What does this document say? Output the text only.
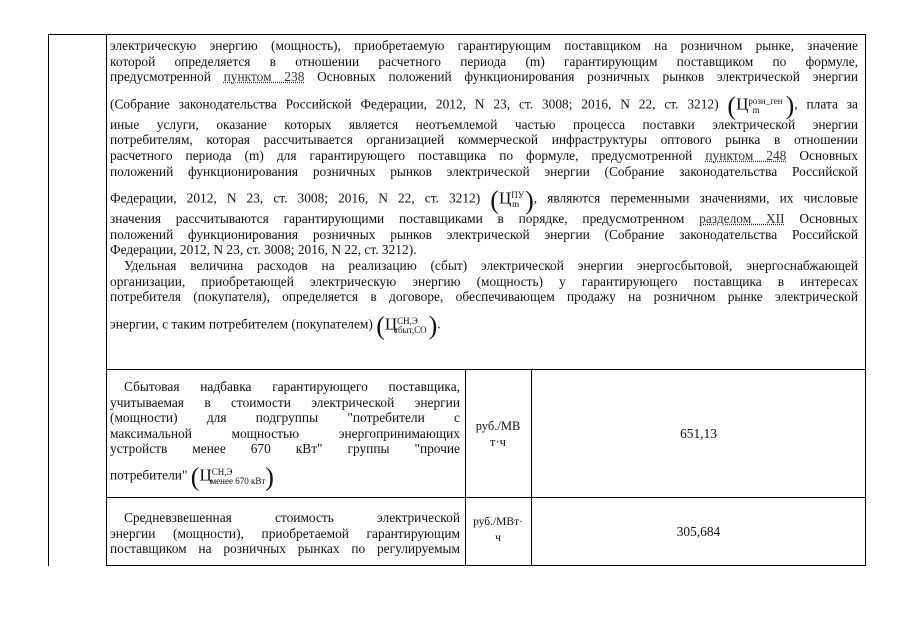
электрическую энергию (мощность), приобретаемую гарантирующим поставщиком на розничном рынке, значение
которой определяется в отношении расчетного периода (m) гарантирующим поставщиком по формуле,
предусмотренной пунктом 238 Основных положений функционирования розничных рынков электрической энергии
(Собрание законодательства Российской Федерации, 2012, N 23, ст. 3008; 2016, N 22, ст. 3212) ($Ц^{розн\_ген}_m$ ), плата за
иные услуги, оказание которых является неотъемлемой частью процесса поставки электрической энергии
потребителям, которая рассчитывается организацией коммерческой инфраструктуры оптового рынка в отношении
расчетного периода (m) для гарантирующего поставщика по формуле, предусмотренной пунктом 248 Основных
положений функционирования розничных рынков электрической энергии (Собрание законодательства Российской
Федерации, 2012, N 23, ст. 3008; 2016, N 22, ст. 3212) ($Ц^{ПУ}_m$ ), являются переменными значениями, их числовые
значения рассчитываются гарантирующими поставщиками в порядке, предусмотренном разделом XII Основных
положений функционирования розничных рынков электрической энергии (Собрание законодательства Российской
Федерации, 2012, N 23, ст. 3008; 2016, N 22, ст. 3212).
Удельная величина расходов на реализацию (сбыт) электрической энергии энергосбытовой, энергоснабжающей
организации, приобретающей электрическую энергию (мощность) у гарантирующего поставщика в интересах
потребителя (покупателя), определяется в договоре, обеспечивающем продажу на розничном рынке электрической
энергии, с таким потребителем (покупателем) $(Ц^{СН,Э}_{сбыт,СО})$.
Сбытовая надбавка гарантирующего поставщика,
учитываемая в стоимости электрической энергии
(мощности) для подгруппы "потребители с
максимальной мощностью энергопринимающих
устройств менее 670 кВт" группы "прочие
потребители" $(Ц^{СН,Э}_{менее 670 кВт})$
руб./МВ
т·ч
651,13
Средневзвешенная стоимость электрической
энергии (мощности), приобретаемой гарантирующим
поставщиком на розничных рынках по регулируемым
руб./МВт·
ч	305,684
